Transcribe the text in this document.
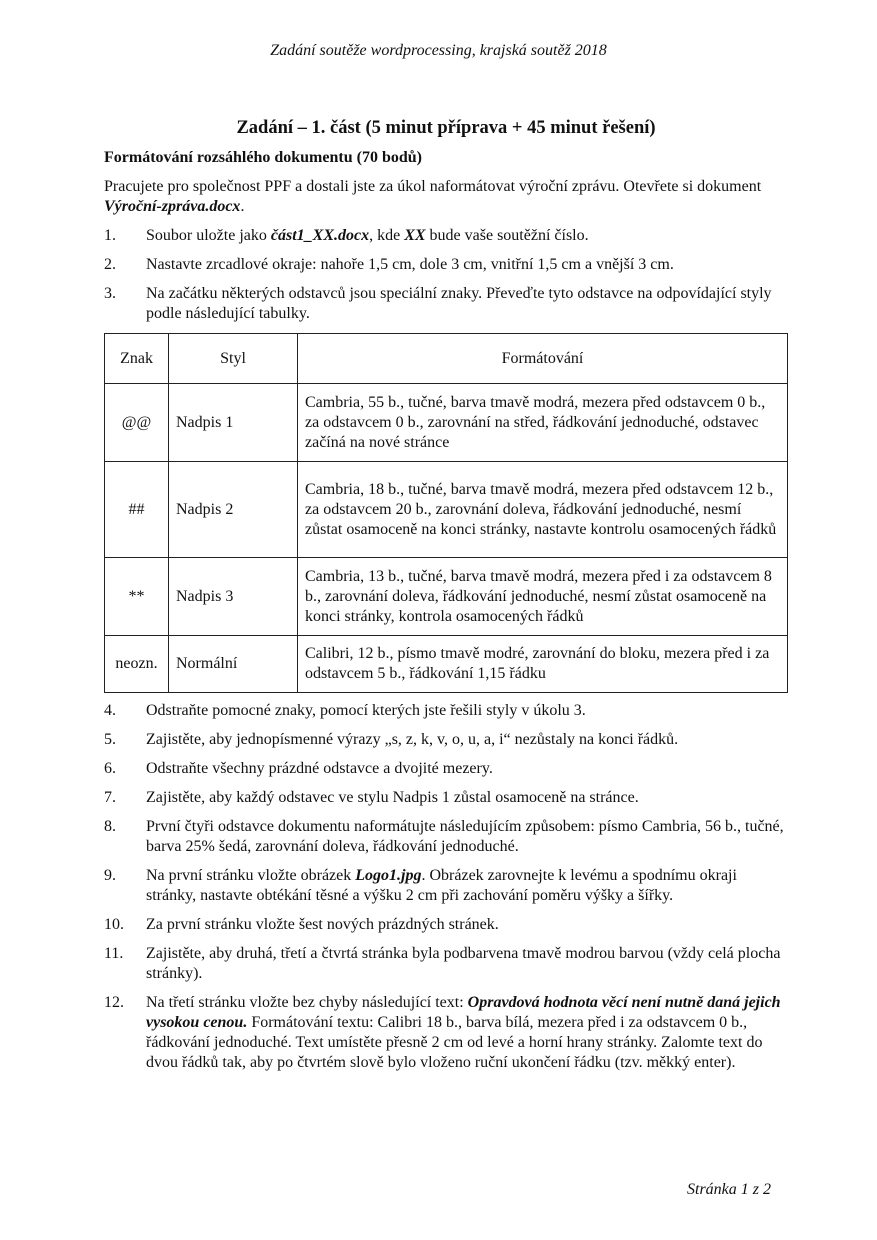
Zadání soutěže wordprocessing, krajská soutěž 2018
Zadání – 1. část (5 minut příprava + 45 minut řešení)
Formátování rozsáhlého dokumentu (70 bodů)
Pracujete pro společnost PPF a dostali jste za úkol naformátovat výroční zprávu. Otevřete si dokument Výroční-zpráva.docx.
1.	Soubor uložte jako část1_XX.docx, kde XX bude vaše soutěžní číslo.
2.	Nastavte zrcadlové okraje: nahoře 1,5 cm, dole 3 cm, vnitřní 1,5 cm a vnější 3 cm.
3.	Na začátku některých odstavců jsou speciální znaky. Převeďte tyto odstavce na odpovídající styly podle následující tabulky.
Znak	Styl	Formátování
@@	Nadpis 1	Cambria, 55 b., tučné, barva tmavě modrá, mezera před odstavcem 0 b., za odstavcem 0 b., zarovnání na střed, řádkování jednoduché, odstavec začíná na nové stránce
##	Nadpis 2	Cambria, 18 b., tučné, barva tmavě modrá, mezera před odstavcem 12 b., za odstavcem 20 b., zarovnání doleva, řádkování jednoduché, nesmí zůstat osamoceně na konci stránky, nastavte kontrolu osamocených řádků
**	Nadpis 3	Cambria, 13 b., tučné, barva tmavě modrá, mezera před i za odstavcem 8 b., zarovnání doleva, řádkování jednoduché, nesmí zůstat osamoceně na konci stránky, kontrola osamocených řádků
neozn.	Normální	Calibri, 12 b., písmo tmavě modré, zarovnání do bloku, mezera před i za odstavcem 5 b., řádkování 1,15 řádku
4.	Odstraňte pomocné znaky, pomocí kterých jste řešili styly v úkolu 3.
5.	Zajistěte, aby jednopísmenné výrazy „s, z, k, v, o, u, a, i“ nezůstaly na konci řádků.
6.	Odstraňte všechny prázdné odstavce a dvojité mezery.
7.	Zajistěte, aby každý odstavec ve stylu Nadpis 1 zůstal osamoceně na stránce.
8.	První čtyři odstavce dokumentu naformátujte následujícím způsobem: písmo Cambria, 56 b., tučné, barva 25% šedá, zarovnání doleva, řádkování jednoduché.
9.	Na první stránku vložte obrázek Logo1.jpg. Obrázek zarovnejte k levému a spodnímu okraji stránky, nastavte obtékání těsné a výšku 2 cm při zachování poměru výšky a šířky.
10.	Za první stránku vložte šest nových prázdných stránek.
11.	Zajistěte, aby druhá, třetí a čtvrtá stránka byla podbarvena tmavě modrou barvou (vždy celá plocha stránky).
12.	Na třetí stránku vložte bez chyby následující text: Opravdová hodnota věcí není nutně daná jejich vysokou cenou. Formátování textu: Calibri 18 b., barva bílá, mezera před i za odstavcem 0 b., řádkování jednoduché. Text umístěte přesně 2 cm od levé a horní hrany stránky. Zalomte text do dvou řádků tak, aby po čtvrtém slově bylo vloženo ruční ukončení řádku (tzv. měkký enter).
Stránka 1 z 2
